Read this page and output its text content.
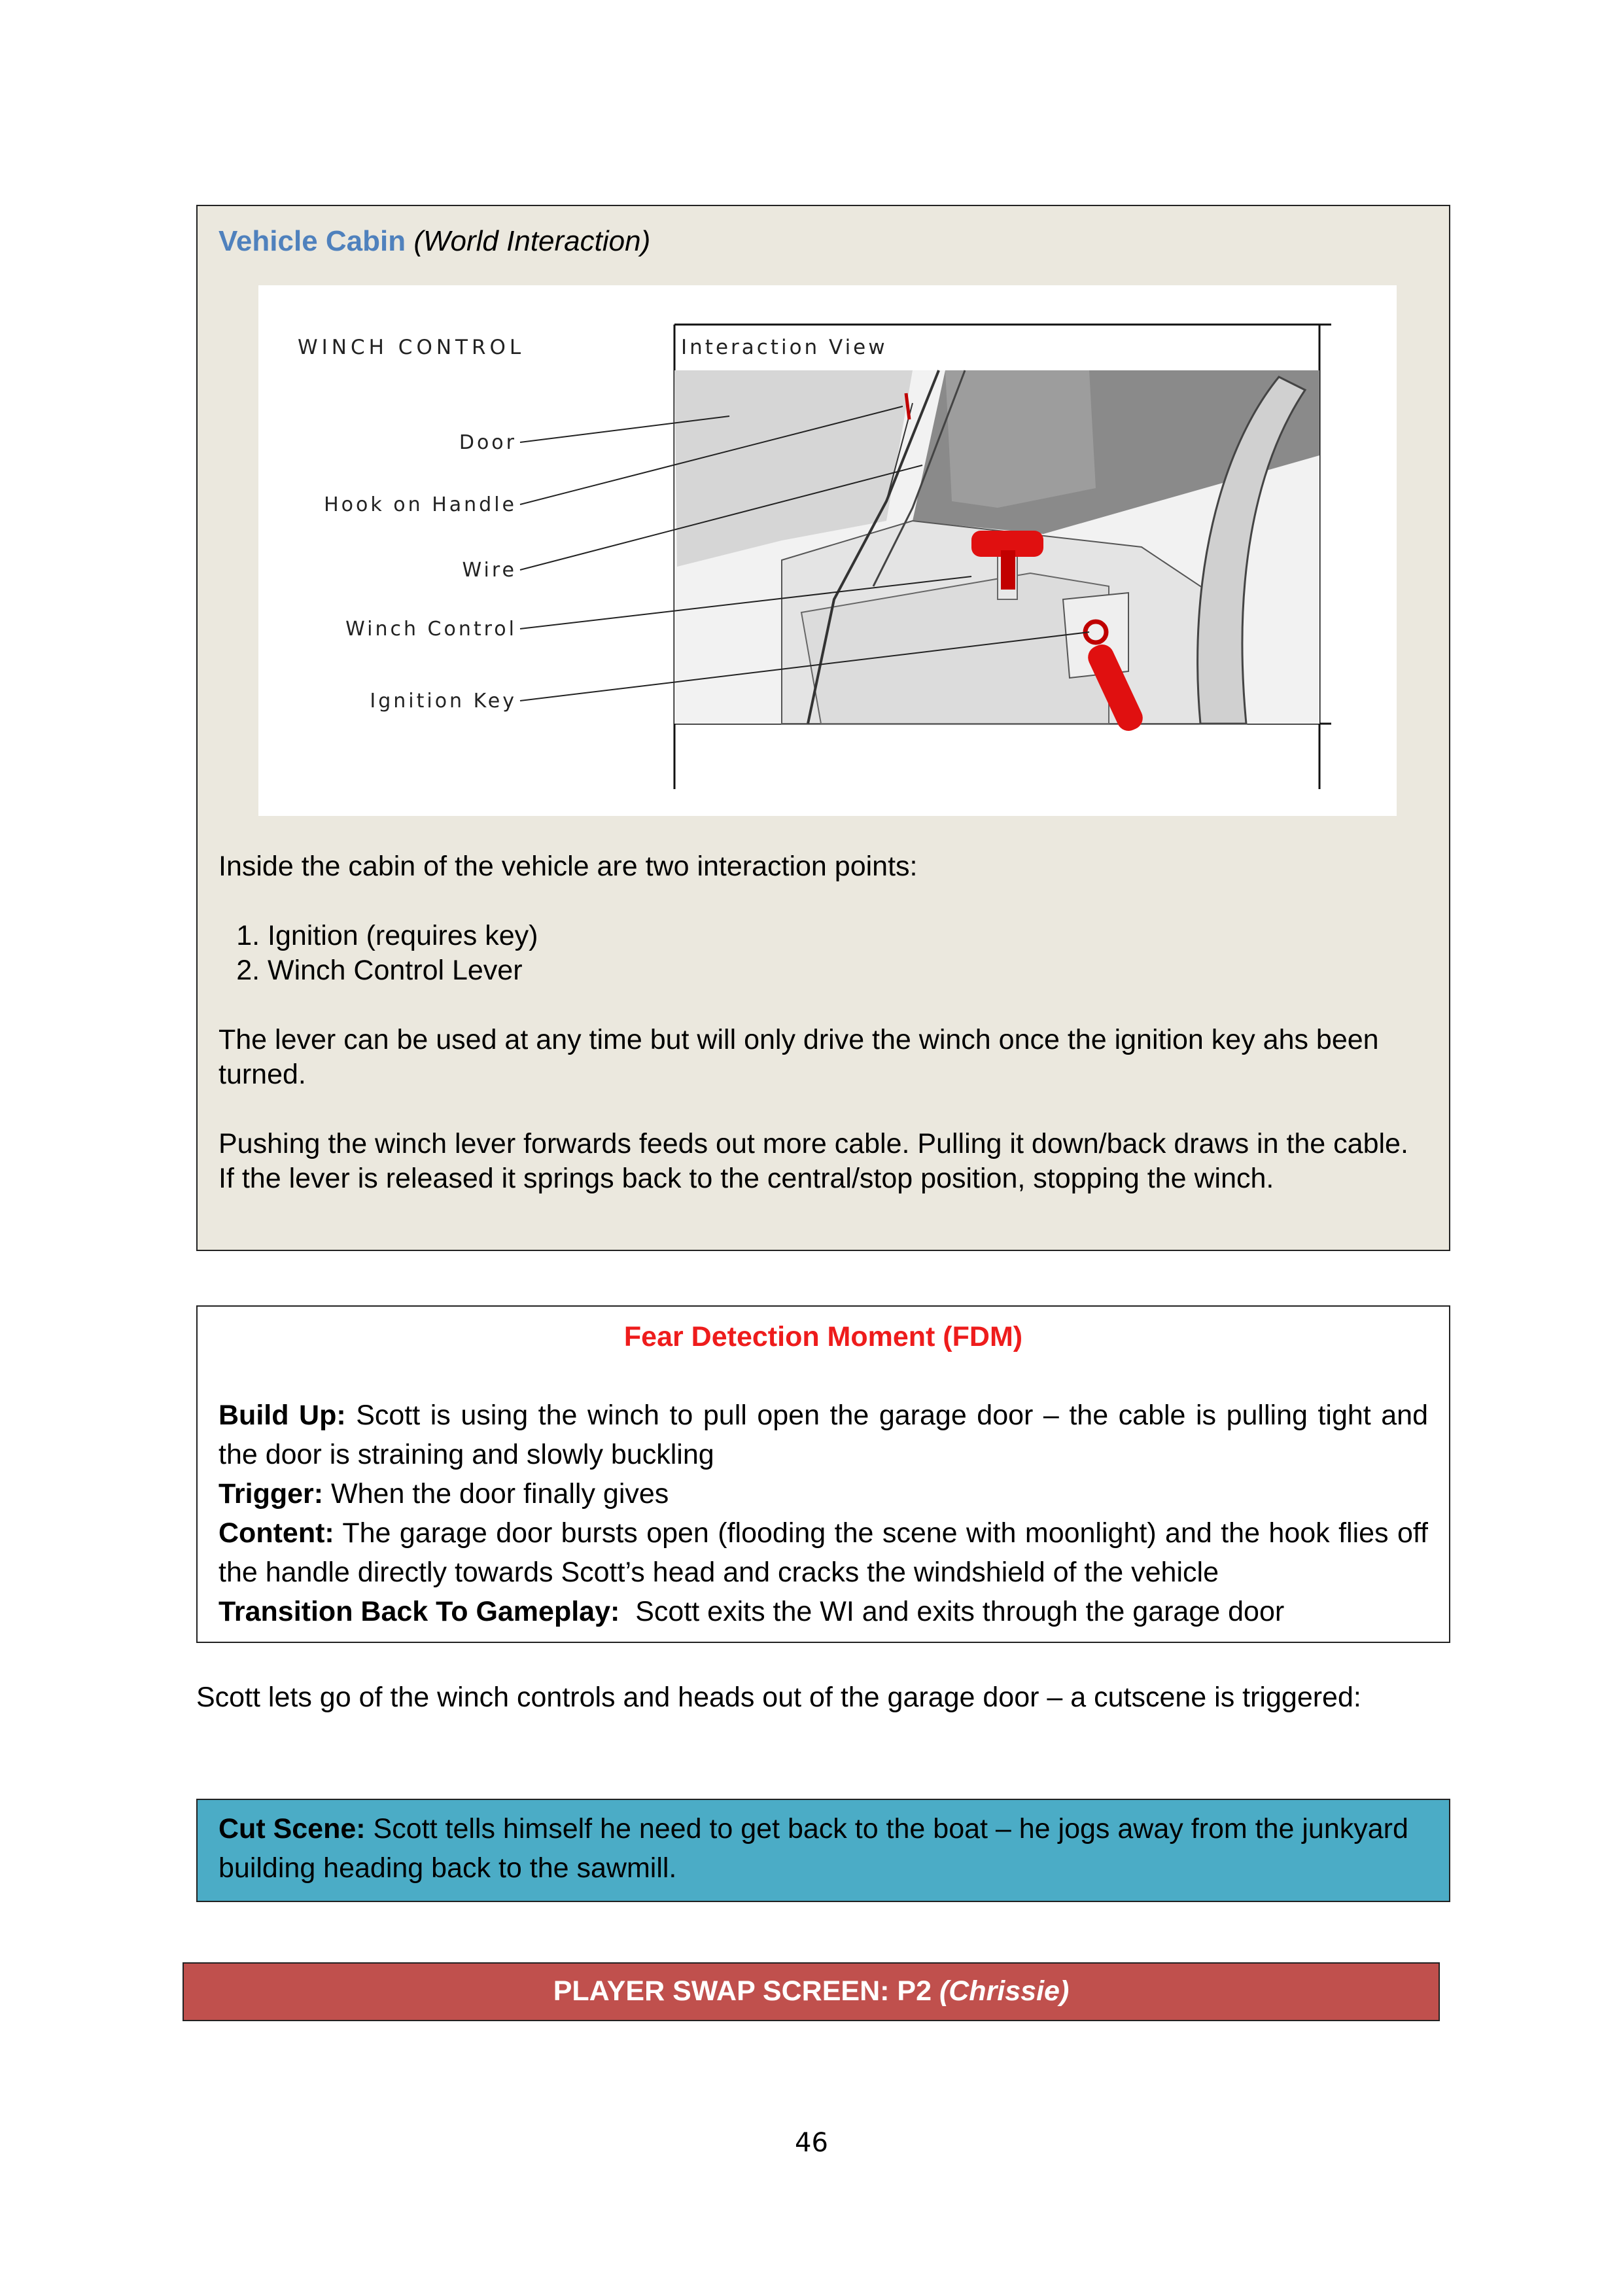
Vehicle Cabin (World Interaction)
WINCH CONTROL	Interaction View
Door
Hook on Handle
Wire
Winch Control
Ignition Key

Inside the cabin of the vehicle are two interaction points:

1. Ignition (requires key)
2. Winch Control Lever

The lever can be used at any time but will only drive the winch once the ignition key ahs been turned.

Pushing the winch lever forwards feeds out more cable. Pulling it down/back draws in the cable. If the lever is released it springs back to the central/stop position, stopping the winch.

Fear Detection Moment (FDM)

Build Up: Scott is using the winch to pull open the garage door – the cable is pulling tight and the door is straining and slowly buckling

Trigger: When the door finally gives

Content: The garage door bursts open (flooding the scene with moonlight) and the hook flies off the handle directly towards Scott’s head and cracks the windshield of the vehicle

Transition Back To Gameplay:  Scott exits the WI and exits through the garage door

Scott lets go of the winch controls and heads out of the garage door – a cutscene is triggered:

Cut Scene: Scott tells himself he need to get back to the boat – he jogs away from the junkyard building heading back to the sawmill.
PLAYER SWAP SCREEN: P2 (Chrissie)
46
